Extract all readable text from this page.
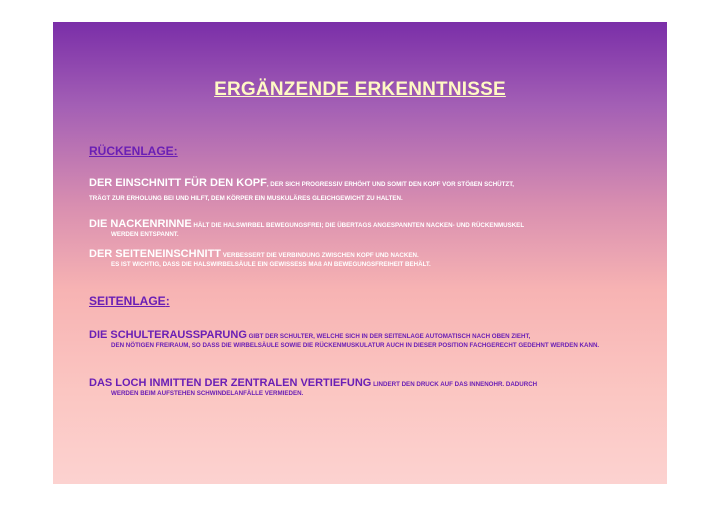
ERGÄNZENDE ERKENNTNISSE
RÜCKENLAGE:
DER EINSCHNITT FÜR DEN KOPF, DER SICH PROGRESSIV ERHÖHT UND SOMIT DEN KOPF VOR STÖßEN SCHÜTZT,
TRÄGT ZUR ERHOLUNG BEI UND HILFT, DEM KÖRPER EIN MUSKULÄRES GLEICHGEWICHT ZU HALTEN.
DIE NACKENRINNE HÄLT DIE HALSWIRBEL BEWEGUNGSFREI; DIE ÜBERTAGS ANGESPANNTEN NACKEN- UND RÜCKENMUSKEL
WERDEN ENTSPANNT.
DER SEITENEINSCHNITT VERBESSERT DIE VERBINDUNG ZWISCHEN KOPF UND NACKEN.
ES IST WICHTIG, DASS DIE HALSWIRBELSÄULE EIN GEWISSESS MAß AN BEWEGUNGSFREIHEIT BEHÄLT.
SEITENLAGE:
DIE SCHULTERAUSSPARUNG GIBT DER SCHULTER, WELCHE SICH IN DER SEITENLAGE AUTOMATISCH NACH OBEN ZIEHT,
DEN NÖTIGEN FREIRAUM, SO DASS DIE WIRBELSÄULE SOWIE DIE RÜCKENMUSKULATUR AUCH IN DIESER POSITION FACHGERECHT GEDEHNT WERDEN KANN.
DAS LOCH INMITTEN DER ZENTRALEN VERTIEFUNG LINDERT DEN DRUCK AUF DAS INNENOHR. DADURCH
WERDEN BEIM AUFSTEHEN SCHWINDELANFÄLLE VERMIEDEN.
